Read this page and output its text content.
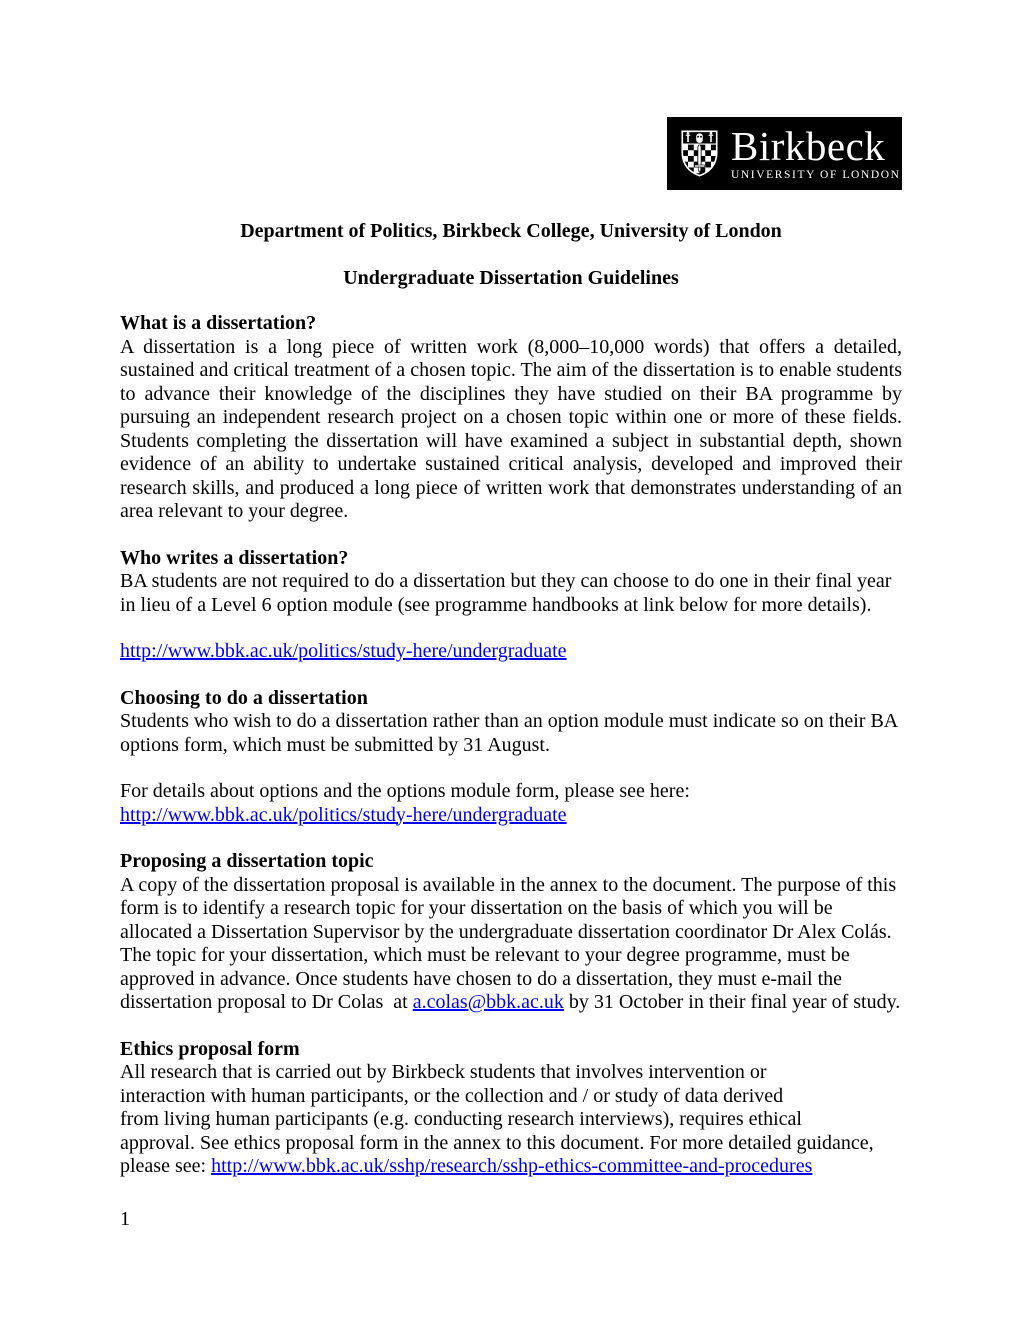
Birkbeck
UNIVERSITY OF LONDON

Department of Politics, Birkbeck College, University of London

Undergraduate Dissertation Guidelines

What is a dissertation?

A dissertation is a long piece of written work (8,000–10,000 words) that offers a detailed, sustained and critical treatment of a chosen topic. The aim of the dissertation is to enable students to advance their knowledge of the disciplines they have studied on their BA programme by pursuing an independent research project on a chosen topic within one or more of these fields. Students completing the dissertation will have examined a subject in substantial depth, shown evidence of an ability to undertake sustained critical analysis, developed and improved their research skills, and produced a long piece of written work that demonstrates understanding of an area relevant to your degree.

Who writes a dissertation?

BA students are not required to do a dissertation but they can choose to do one in their final year in lieu of a Level 6 option module (see programme handbooks at link below for more details).

http://www.bbk.ac.uk/politics/study-here/undergraduate

Choosing to do a dissertation

Students who wish to do a dissertation rather than an option module must indicate so on their BA options form, which must be submitted by 31 August.

For details about options and the options module form, please see here:

http://www.bbk.ac.uk/politics/study-here/undergraduate

Proposing a dissertation topic

A copy of the dissertation proposal is available in the annex to the document. The purpose of this form is to identify a research topic for your dissertation on the basis of which you will be allocated a Dissertation Supervisor by the undergraduate dissertation coordinator Dr Alex Colás. The topic for your dissertation, which must be relevant to your degree programme, must be approved in advance. Once students have chosen to do a dissertation, they must e-mail the dissertation proposal to Dr Colas  at a.colas@bbk.ac.uk by 31 October in their final year of study.

Ethics proposal form

All research that is carried out by Birkbeck students that involves intervention or
interaction with human participants, or the collection and / or study of data derived
from living human participants (e.g. conducting research interviews), requires ethical
approval. See ethics proposal form in the annex to this document. For more detailed guidance,
please see: http://www.bbk.ac.uk/sshp/research/sshp-ethics-committee-and-procedures

1
